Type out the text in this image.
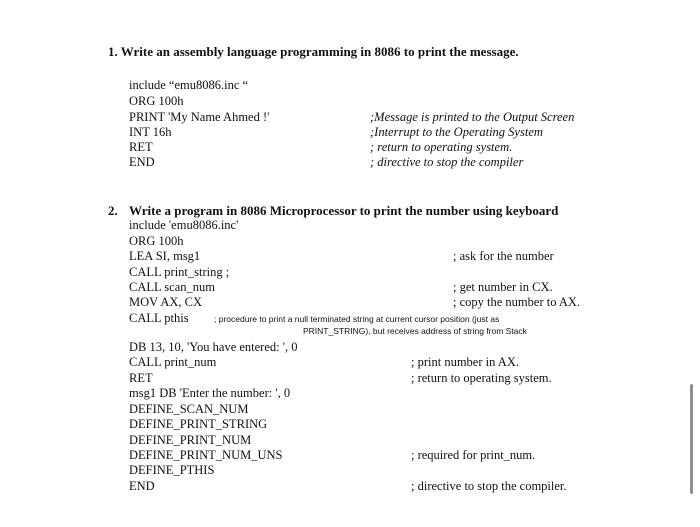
1. Write an assembly language programming in 8086 to print the message.
include “emu8086.inc “
ORG 100h
PRINT 'My Name Ahmed !'
INT 16h
RET
END
;Message is printed to the Output Screen
;Interrupt to the Operating System
; return to operating system.
; directive to stop the compiler
2. Write a program in 8086 Microprocessor to print the number using keyboard
include 'emu8086.inc'
ORG 100h
LEA SI, msg1
CALL print_string ;
CALL scan_num
MOV AX, CX
CALL pthis
DB 13, 10, 'You have entered: ', 0
CALL print_num
RET
msg1 DB 'Enter the number: ', 0
DEFINE_SCAN_NUM
DEFINE_PRINT_STRING
DEFINE_PRINT_NUM
DEFINE_PRINT_NUM_UNS
DEFINE_PTHIS
END
; ask for the number
; get number in CX.
; copy the number to AX.
; procedure to print a null terminated string at current cursor position (just as
PRINT_STRING), but receives address of string from Stack
; print number in AX.
; return to operating system.
; required for print_num.
; directive to stop the compiler.
